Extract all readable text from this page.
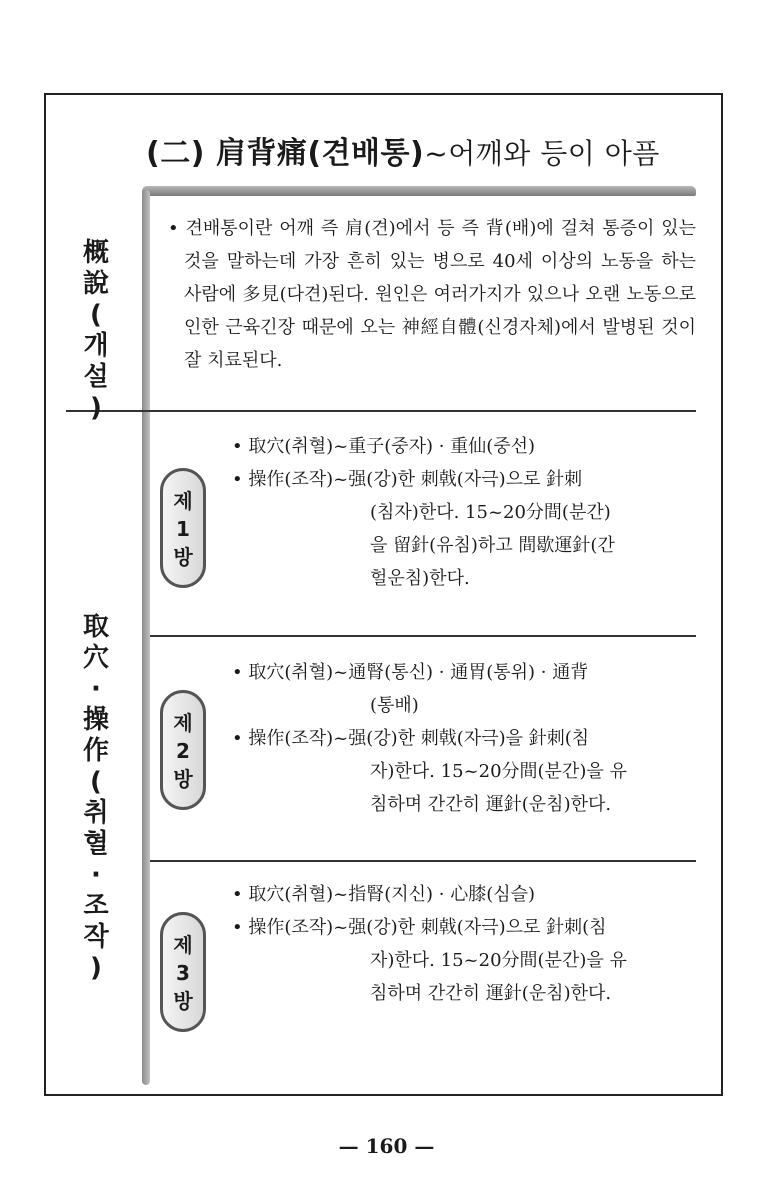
(二) 肩背痛(견배통)~어깨와 등이 아픔
概
說
(
개
설
)

• 견배통이란 어깨 즉 肩(견)에서 등 즉 背(배)에 걸쳐 통증이 있는 것을 말하는데 가장 흔히 있는 병으로 40세 이상의 노동을 하는 사람에 多見(다견)된다. 원인은 여러가지가 있으나 오랜 노동으로 인한 근육긴장 때문에 오는 神經自體(신경자체)에서 발병된 것이 잘 치료된다.

取
穴
·
操
作
(
취
혈
·
조
작
)
제
1
방
• 取穴(취혈)~重子(중자) · 重仙(중선)
• 操作(조작)~强(강)한 刺戟(자극)으로 針刺
(침자)한다. 15~20分間(분간)
을 留針(유침)하고 間歇運針(간
헐운침)한다.
제
2
방
• 取穴(취혈)~通腎(통신) · 通胃(통위) · 通背
(통배)
• 操作(조작)~强(강)한 刺戟(자극)을 針刺(침
자)한다. 15~20分間(분간)을 유
침하며 간간히 運針(운침)한다.
제
3
방
• 取穴(취혈)~指腎(지신) · 心膝(심슬)
• 操作(조작)~强(강)한 刺戟(자극)으로 針刺(침
자)한다. 15~20分間(분간)을 유
침하며 간간히 運針(운침)한다.
— 160 —
